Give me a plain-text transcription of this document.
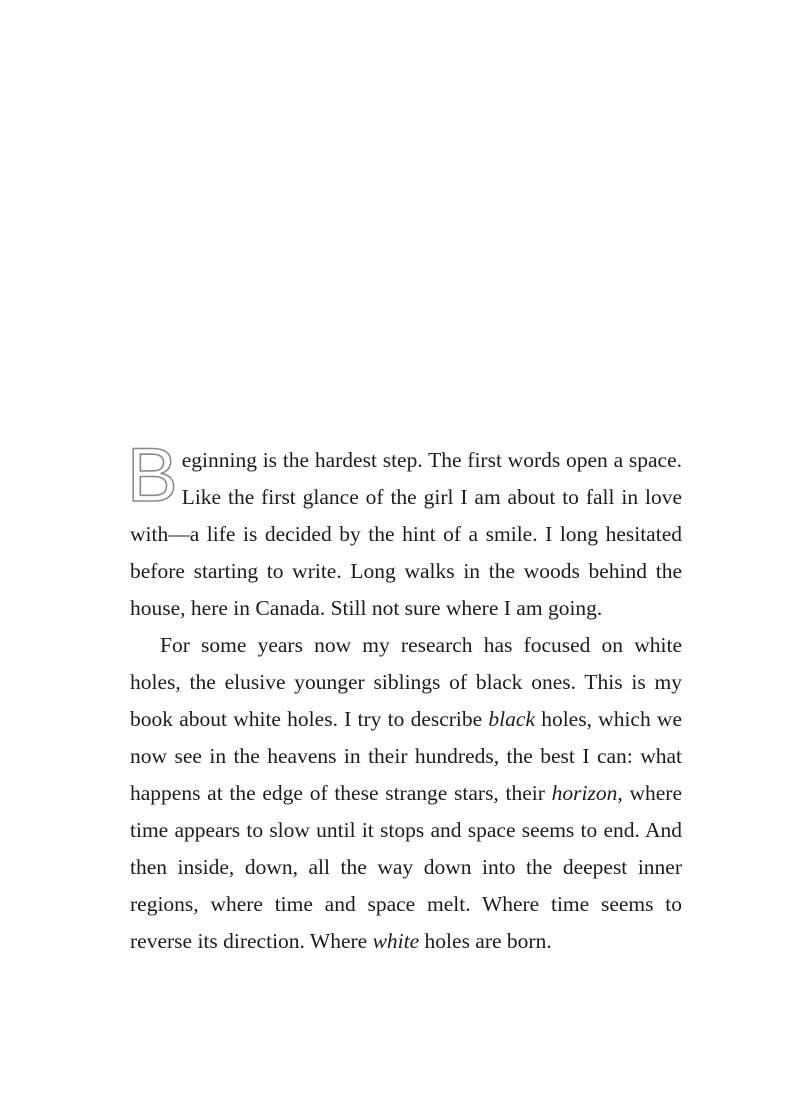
B eginning is the hardest step. The first words open a space. Like the first glance of the girl I am about to fall in love with—a life is decided by the hint of a smile. I long hesitated before starting to write. Long walks in the woods behind the house, here in Canada. Still not sure where I am going.

For some years now my research has focused on white holes, the elusive younger siblings of black ones. This is my book about white holes. I try to describe black holes, which we now see in the heavens in their hundreds, the best I can: what happens at the edge of these strange stars, their horizon, where time appears to slow until it stops and space seems to end. And then inside, down, all the way down into the deepest inner regions, where time and space melt. Where time seems to reverse its direction. Where white holes are born.
